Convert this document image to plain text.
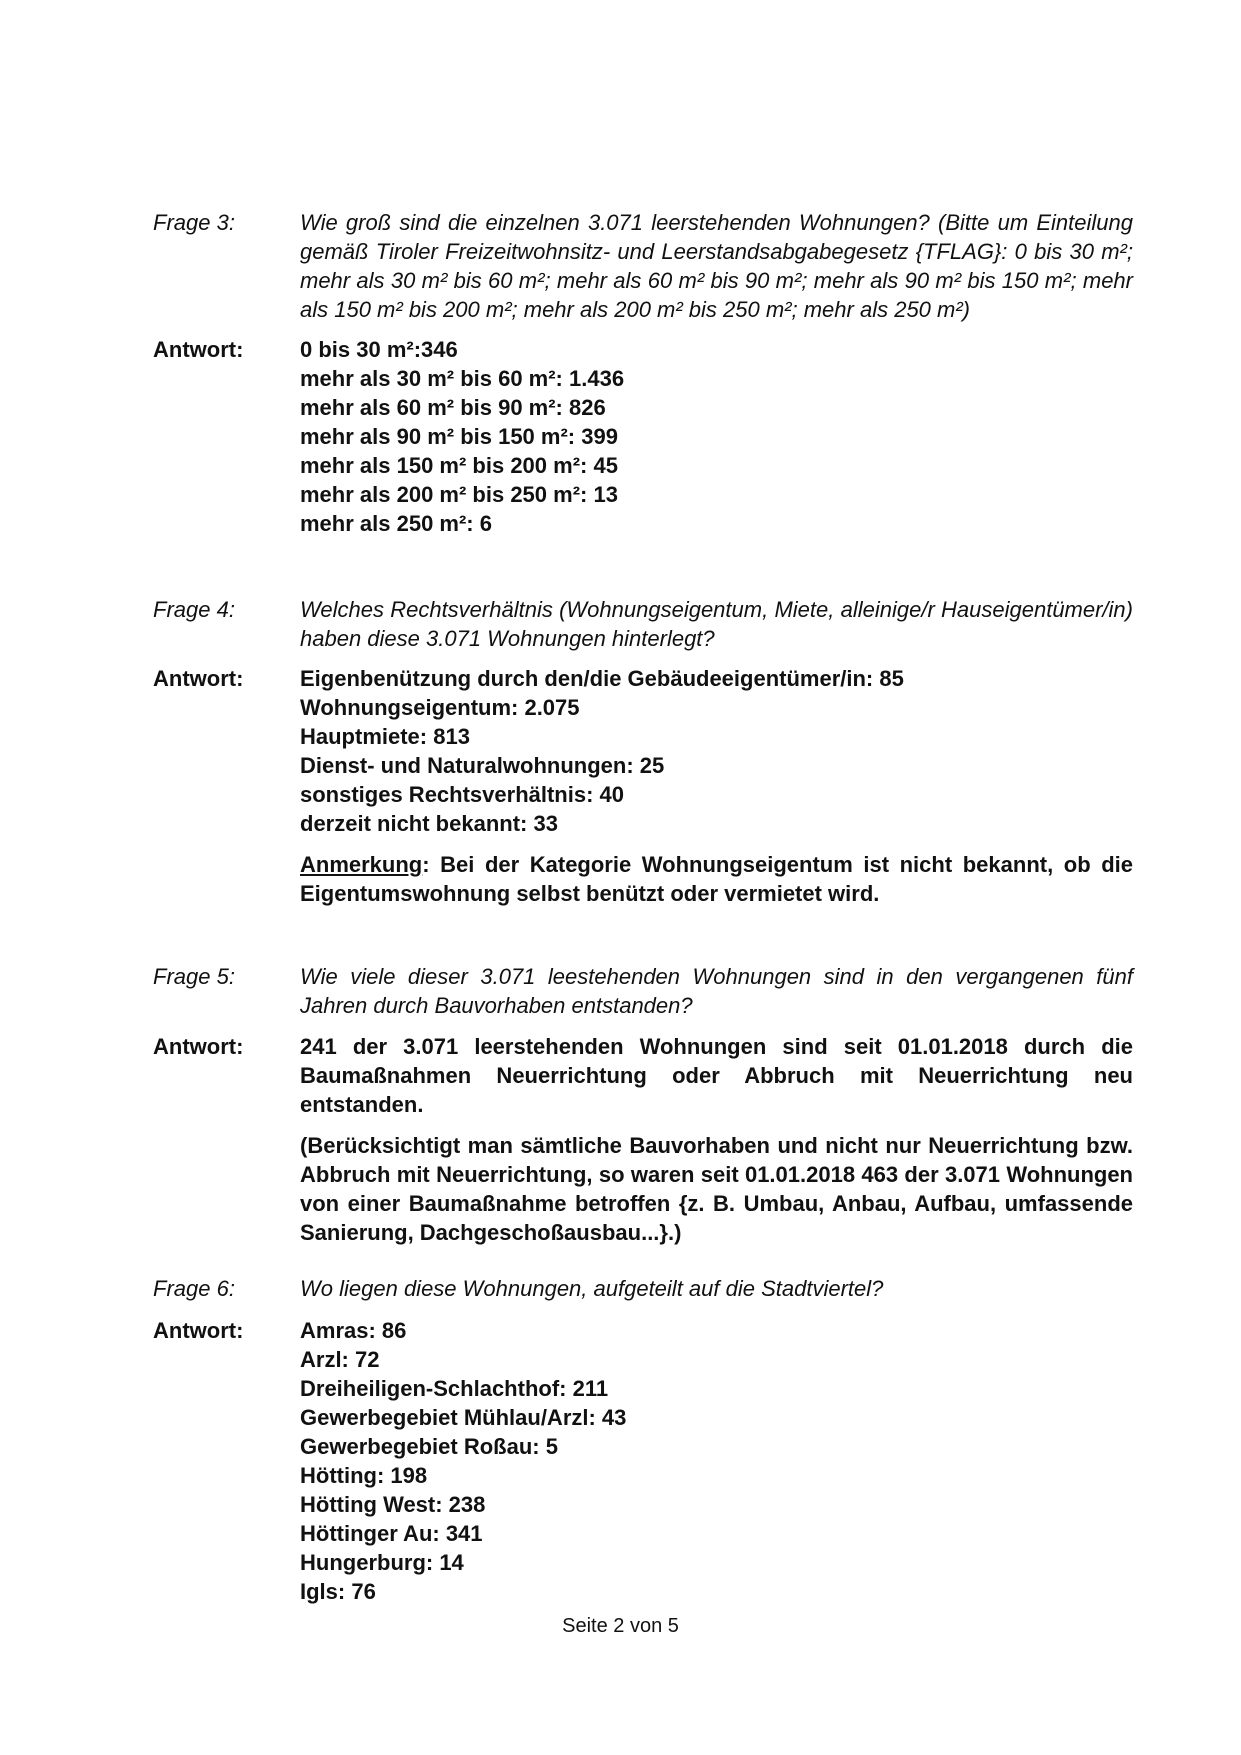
Frage 3:	Wie groß sind die einzelnen 3.071 leerstehenden Wohnungen? (Bitte um Einteilung gemäß Tiroler Freizeitwohnsitz- und Leerstandsabgabegesetz {TFLAG}: 0 bis 30 m²; mehr als 30 m² bis 60 m²; mehr als 60 m² bis 90 m²; mehr als 90 m² bis 150 m²; mehr als 150 m² bis 200 m²; mehr als 200 m² bis 250 m²; mehr als 250 m²)
Antwort:	0 bis 30 m²:346
mehr als 30 m² bis 60 m²: 1.436
mehr als 60 m² bis 90 m²: 826
mehr als 90 m² bis 150 m²: 399
mehr als 150 m² bis 200 m²: 45
mehr als 200 m² bis 250 m²: 13
mehr als 250 m²: 6
Frage 4:	Welches Rechtsverhältnis (Wohnungseigentum, Miete, alleinige/r Hauseigentümer/in) haben diese 3.071 Wohnungen hinterlegt?
Antwort:	Eigenbenützung durch den/die Gebäudeeigentümer/in: 85
Wohnungseigentum: 2.075
Hauptmiete: 813
Dienst- und Naturalwohnungen: 25
sonstiges Rechtsverhältnis: 40
derzeit nicht bekannt: 33

Anmerkung: Bei der Kategorie Wohnungseigentum ist nicht bekannt, ob die Eigentumswohnung selbst benützt oder vermietet wird.

Frage 5:	Wie viele dieser 3.071 leestehenden Wohnungen sind in den vergangenen fünf Jahren durch Bauvorhaben entstanden?
Antwort:	241 der 3.071 leerstehenden Wohnungen sind seit 01.01.2018 durch die Baumaßnahmen Neuerrichtung oder Abbruch mit Neuerrichtung neu entstanden.

(Berücksichtigt man sämtliche Bauvorhaben und nicht nur Neuerrichtung bzw. Abbruch mit Neuerrichtung, so waren seit 01.01.2018 463 der 3.071 Wohnungen von einer Baumaßnahme betroffen {z. B. Umbau, Anbau, Aufbau, umfassende Sanierung, Dachgeschoßausbau...}.)

Frage 6:	Wo liegen diese Wohnungen, aufgeteilt auf die Stadtviertel?
Antwort:	Amras: 86
Arzl: 72
Dreiheiligen-Schlachthof: 211
Gewerbegebiet Mühlau/Arzl: 43
Gewerbegebiet Roßau: 5
Hötting: 198
Hötting West: 238
Höttinger Au: 341
Hungerburg: 14
Igls: 76
Seite 2 von 5
